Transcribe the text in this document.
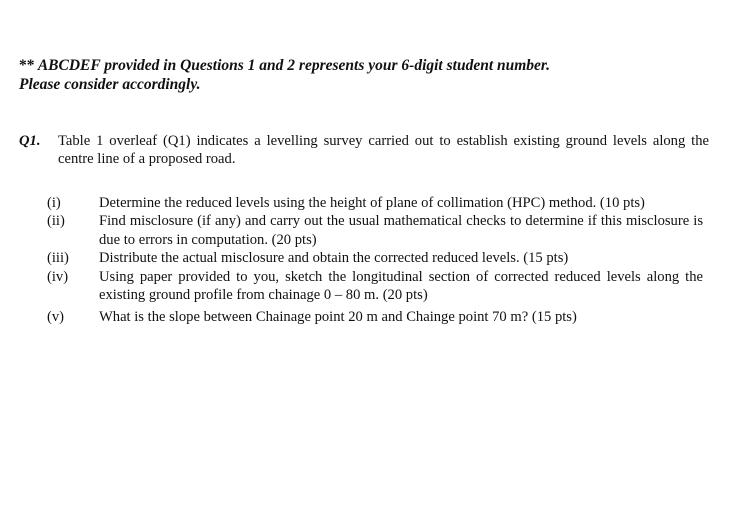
** ABCDEF provided in Questions 1 and 2 represents your 6-digit student number.
Please consider accordingly.
Q1. Table 1 overleaf (Q1) indicates a levelling survey carried out to establish existing ground levels along the centre line of a proposed road.
(i)	Determine the reduced levels using the height of plane of collimation (HPC) method. (10 pts)
(ii) Find misclosure (if any) and carry out the usual mathematical checks to determine if this misclosure is due to errors in computation. (20 pts)
(iii) Distribute the actual misclosure and obtain the corrected reduced levels. (15 pts)
(iv) Using paper provided to you, sketch the longitudinal section of corrected reduced levels along the existing ground profile from chainage 0 – 80 m. (20 pts)
(v) What is the slope between Chainage point 20 m and Chainge point 70 m? (15 pts)
